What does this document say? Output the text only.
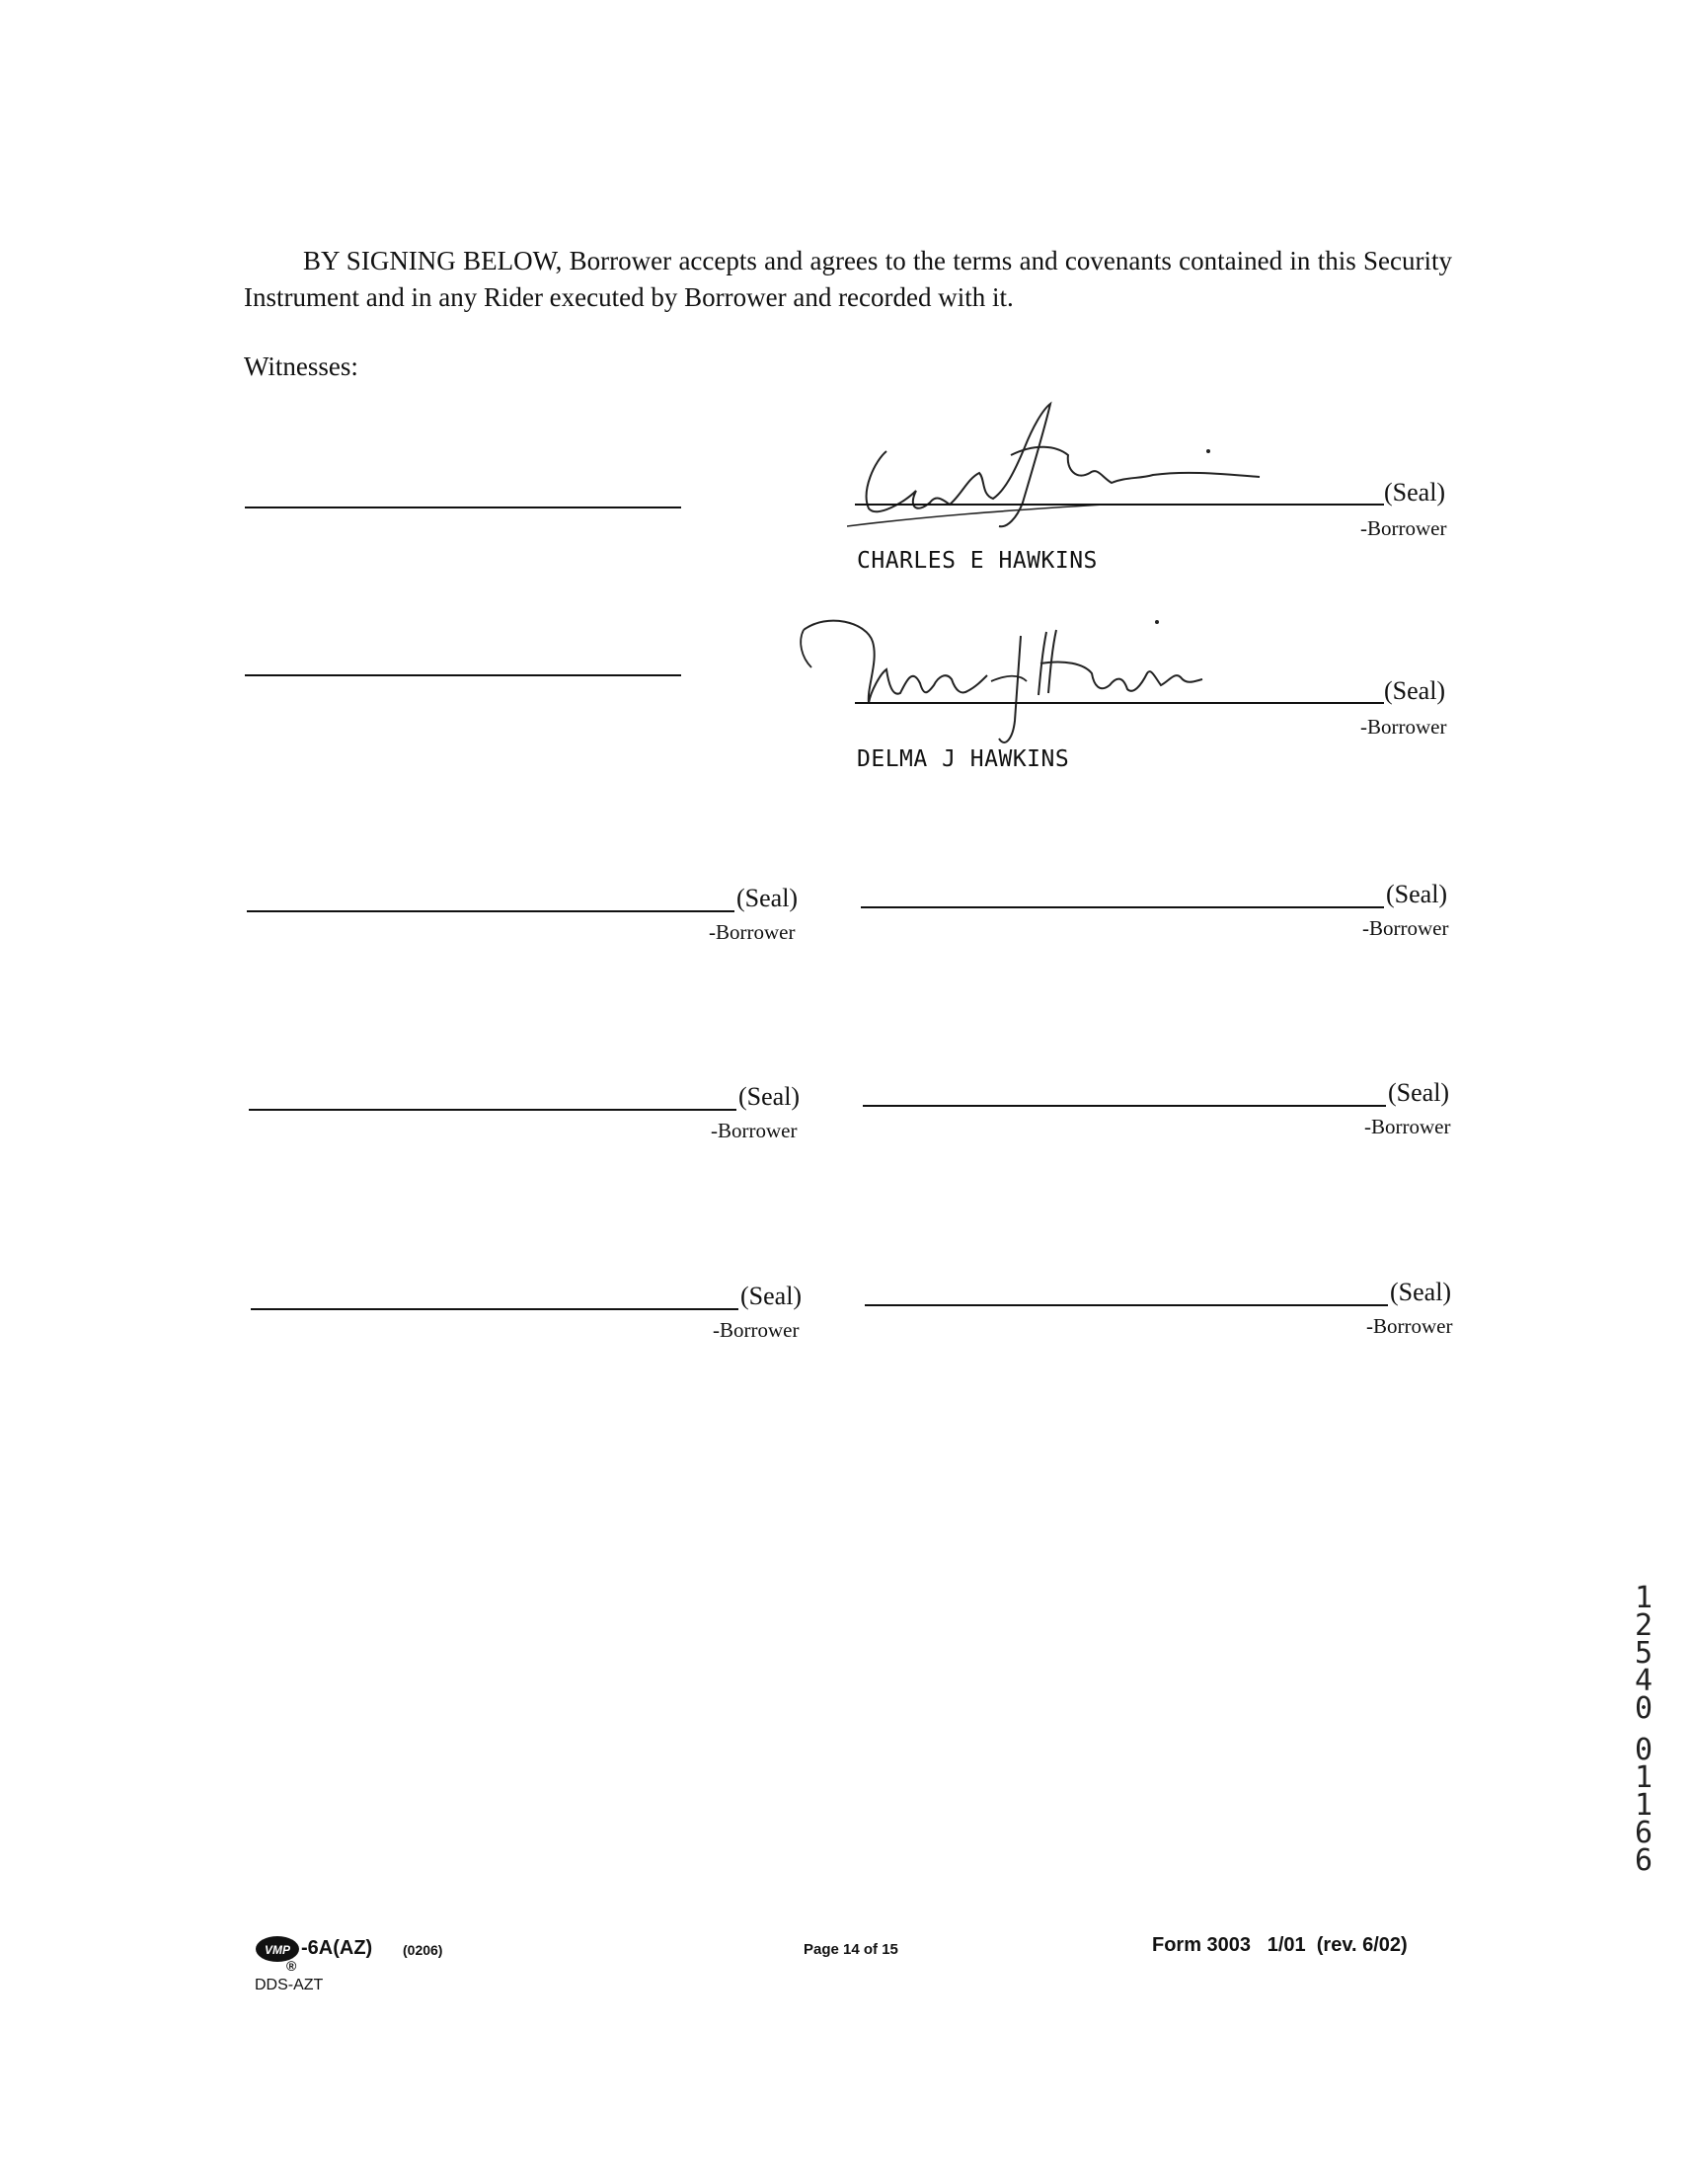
BY SIGNING BELOW, Borrower accepts and agrees to the terms and covenants contained in this Security Instrument and in any Rider executed by Borrower and recorded with it.
Witnesses:
(Seal)
-Borrower
CHARLES E HAWKINS
(Seal)
-Borrower
DELMA J HAWKINS
(Seal)
-Borrower
(Seal)
-Borrower
(Seal)
-Borrower
(Seal)
-Borrower
(Seal)
-Borrower
(Seal)
-Borrower
VMP -6A(AZ) (0206)
®
DDS-AZT
Page 14 of 15	Form 3003   1/01  (rev. 6/02)
1
2
5
4
0
0
1
1
6
6
